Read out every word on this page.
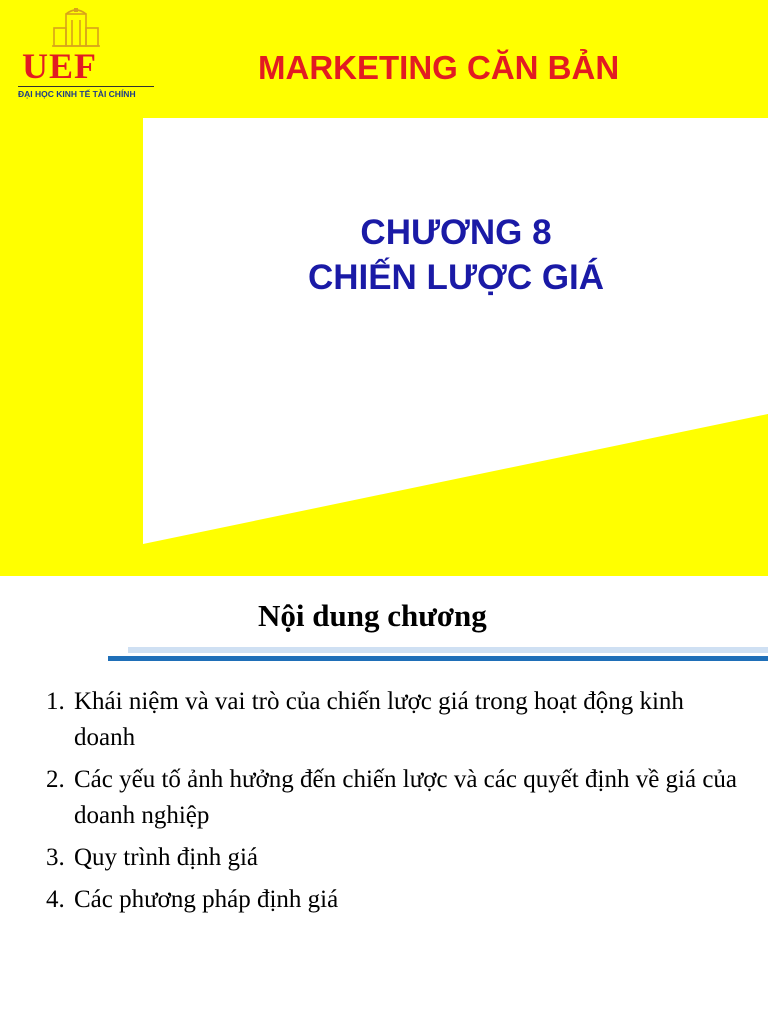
UEF
ĐẠI HỌC KINH TẾ TÀI CHÍNH
MARKETING CĂN BẢN
CHƯƠNG 8
CHIẾN LƯỢC GIÁ
Nội dung chương
1. Khái niệm và vai trò của chiến lược giá trong hoạt động kinh doanh
2. Các yếu tố ảnh hưởng đến chiến lược và các quyết định về giá của doanh nghiệp
3. Quy trình định giá
4. Các phương pháp định giá
